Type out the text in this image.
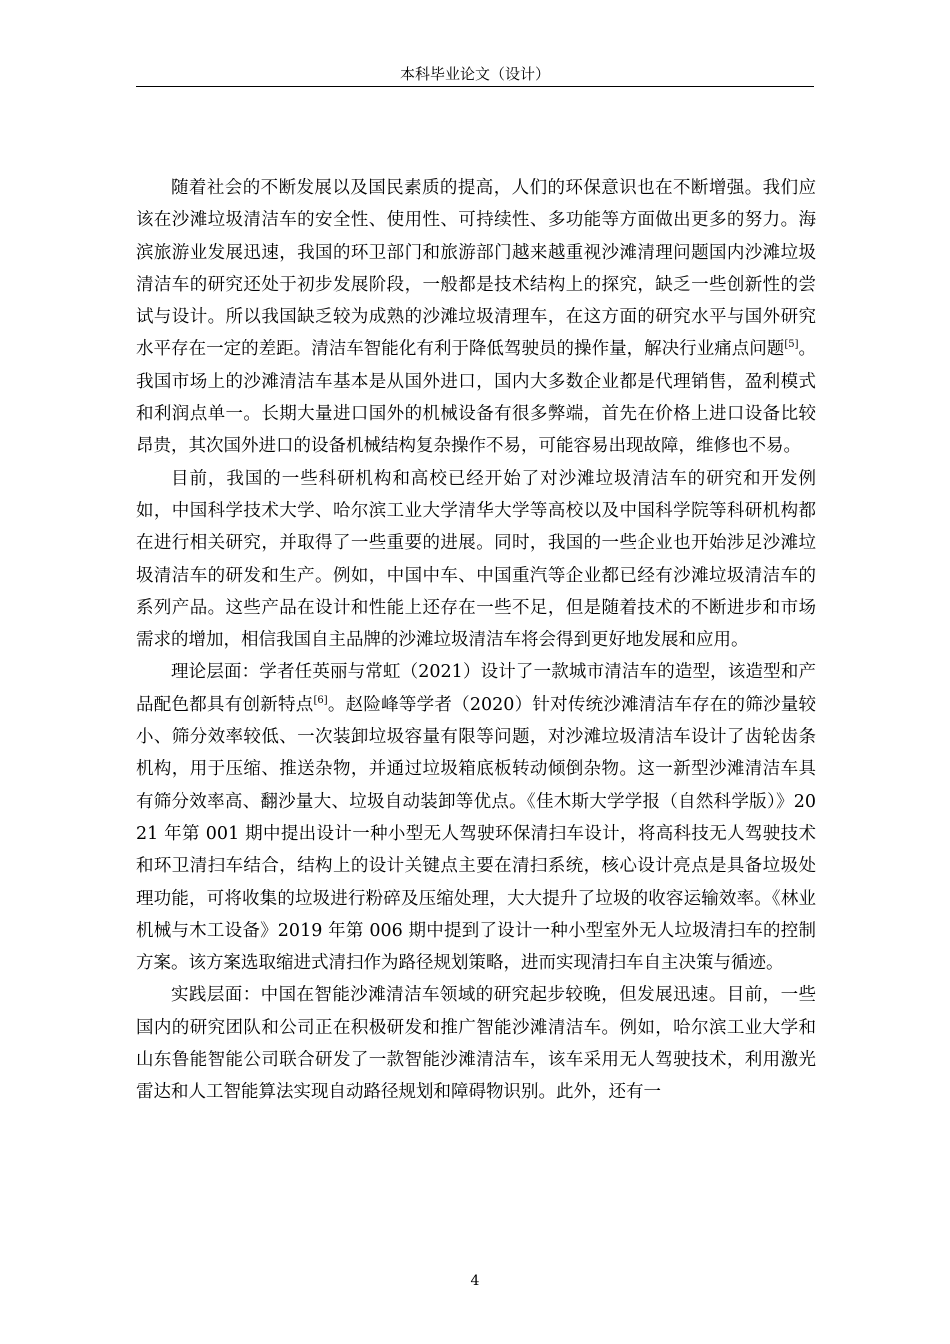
本科毕业论文（设计）

随着社会的不断发展以及国民素质的提高，人们的环保意识也在不断增强。我们应该在沙滩垃圾清洁车的安全性、使用性、可持续性、多功能等方面做出更多的努力。海滨旅游业发展迅速，我国的环卫部门和旅游部门越来越重视沙滩清理问题国内沙滩垃圾清洁车的研究还处于初步发展阶段，一般都是技术结构上的探究，缺乏一些创新性的尝试与设计。所以我国缺乏较为成熟的沙滩垃圾清理车，在这方面的研究水平与国外研究水平存在一定的差距。清洁车智能化有利于降低驾驶员的操作量，解决行业痛点问题[5]。我国市场上的沙滩清洁车基本是从国外进口，国内大多数企业都是代理销售，盈利模式和利润点单一。长期大量进口国外的机械设备有很多弊端，首先在价格上进口设备比较昂贵，其次国外进口的设备机械结构复杂操作不易，可能容易出现故障，维修也不易。

目前，我国的一些科研机构和高校已经开始了对沙滩垃圾清洁车的研究和开发例如，中国科学技术大学、哈尔滨工业大学清华大学等高校以及中国科学院等科研机构都在进行相关研究，并取得了一些重要的进展。同时，我国的一些企业也开始涉足沙滩垃圾清洁车的研发和生产。例如，中国中车、中国重汽等企业都已经有沙滩垃圾清洁车的系列产品。这些产品在设计和性能上还存在一些不足，但是随着技术的不断进步和市场需求的增加，相信我国自主品牌的沙滩垃圾清洁车将会得到更好地发展和应用。

理论层面：学者任英丽与常虹（2021）设计了一款城市清洁车的造型，该造型和产品配色都具有创新特点[6]。赵险峰等学者（2020）针对传统沙滩清洁车存在的筛沙量较小、筛分效率较低、一次装卸垃圾容量有限等问题，对沙滩垃圾清洁车设计了齿轮齿条机构，用于压缩、推送杂物，并通过垃圾箱底板转动倾倒杂物。这一新型沙滩清洁车具有筛分效率高、翻沙量大、垃圾自动装卸等优点。《佳木斯大学学报（自然科学版）》2021 年第 001 期中提出设计一种小型无人驾驶环保清扫车设计，将高科技无人驾驶技术和环卫清扫车结合，结构上的设计关键点主要在清扫系统，核心设计亮点是具备垃圾处理功能，可将收集的垃圾进行粉碎及压缩处理，大大提升了垃圾的收容运输效率。《林业机械与木工设备》2019 年第 006 期中提到了设计一种小型室外无人垃圾清扫车的控制方案。该方案选取缩进式清扫作为路径规划策略，进而实现清扫车自主决策与循迹。

实践层面：中国在智能沙滩清洁车领域的研究起步较晚，但发展迅速。目前，一些国内的研究团队和公司正在积极研发和推广智能沙滩清洁车。例如，哈尔滨工业大学和山东鲁能智能公司联合研发了一款智能沙滩清洁车，该车采用无人驾驶技术，利用激光雷达和人工智能算法实现自动路径规划和障碍物识别。此外，还有一

4
